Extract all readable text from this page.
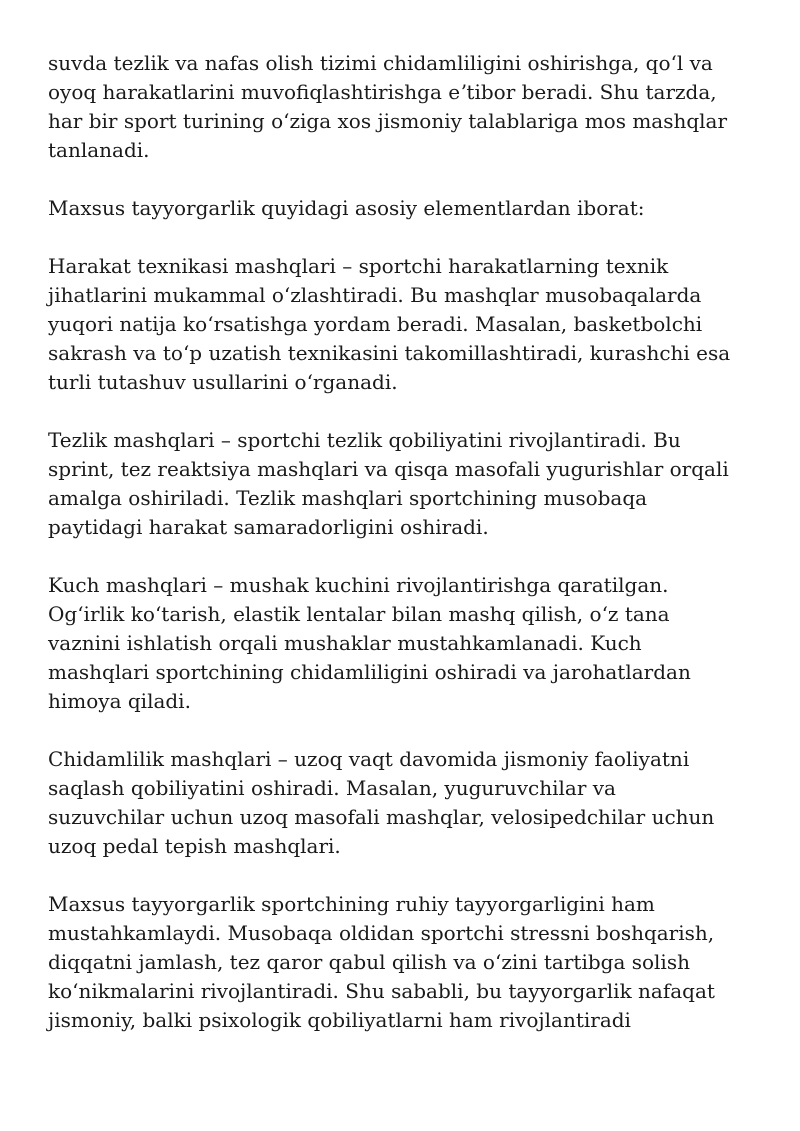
suvda tezlik va nafas olish tizimi chidamliligini oshirishga, qoʻl va
oyoq harakatlarini muvofiqlashtirishga eʼtibor beradi. Shu tarzda,
har bir sport turining oʻziga xos jismoniy talablariga mos mashqlar
tanlanadi.

Maxsus tayyorgarlik quyidagi asosiy elementlardan iborat:

Harakat texnikasi mashqlari – sportchi harakatlarning texnik
jihatlarini mukammal oʻzlashtiradi. Bu mashqlar musobaqalarda
yuqori natija koʻrsatishga yordam beradi. Masalan, basketbolchi
sakrash va toʻp uzatish texnikasini takomillashtiradi, kurashchi esa
turli tutashuv usullarini oʻrganadi.

Tezlik mashqlari – sportchi tezlik qobiliyatini rivojlantiradi. Bu
sprint, tez reaktsiya mashqlari va qisqa masofali yugurishlar orqali
amalga oshiriladi. Tezlik mashqlari sportchining musobaqa
paytidagi harakat samaradorligini oshiradi.

Kuch mashqlari – mushak kuchini rivojlantirishga qaratilgan.
Ogʻirlik koʻtarish, elastik lentalar bilan mashq qilish, oʻz tana
vaznini ishlatish orqali mushaklar mustahkamlanadi. Kuch
mashqlari sportchining chidamliligini oshiradi va jarohatlardan
himoya qiladi.

Chidamlilik mashqlari – uzoq vaqt davomida jismoniy faoliyatni
saqlash qobiliyatini oshiradi. Masalan, yuguruvchilar va
suzuvchilar uchun uzoq masofali mashqlar, velosipedchilar uchun
uzoq pedal tepish mashqlari.

Maxsus tayyorgarlik sportchining ruhiy tayyorgarligini ham
mustahkamlaydi. Musobaqa oldidan sportchi stressni boshqarish,
diqqatni jamlash, tez qaror qabul qilish va oʻzini tartibga solish
koʻnikmalarini rivojlantiradi. Shu sababli, bu tayyorgarlik nafaqat
jismoniy, balki psixologik qobiliyatlarni ham rivojlantiradi
